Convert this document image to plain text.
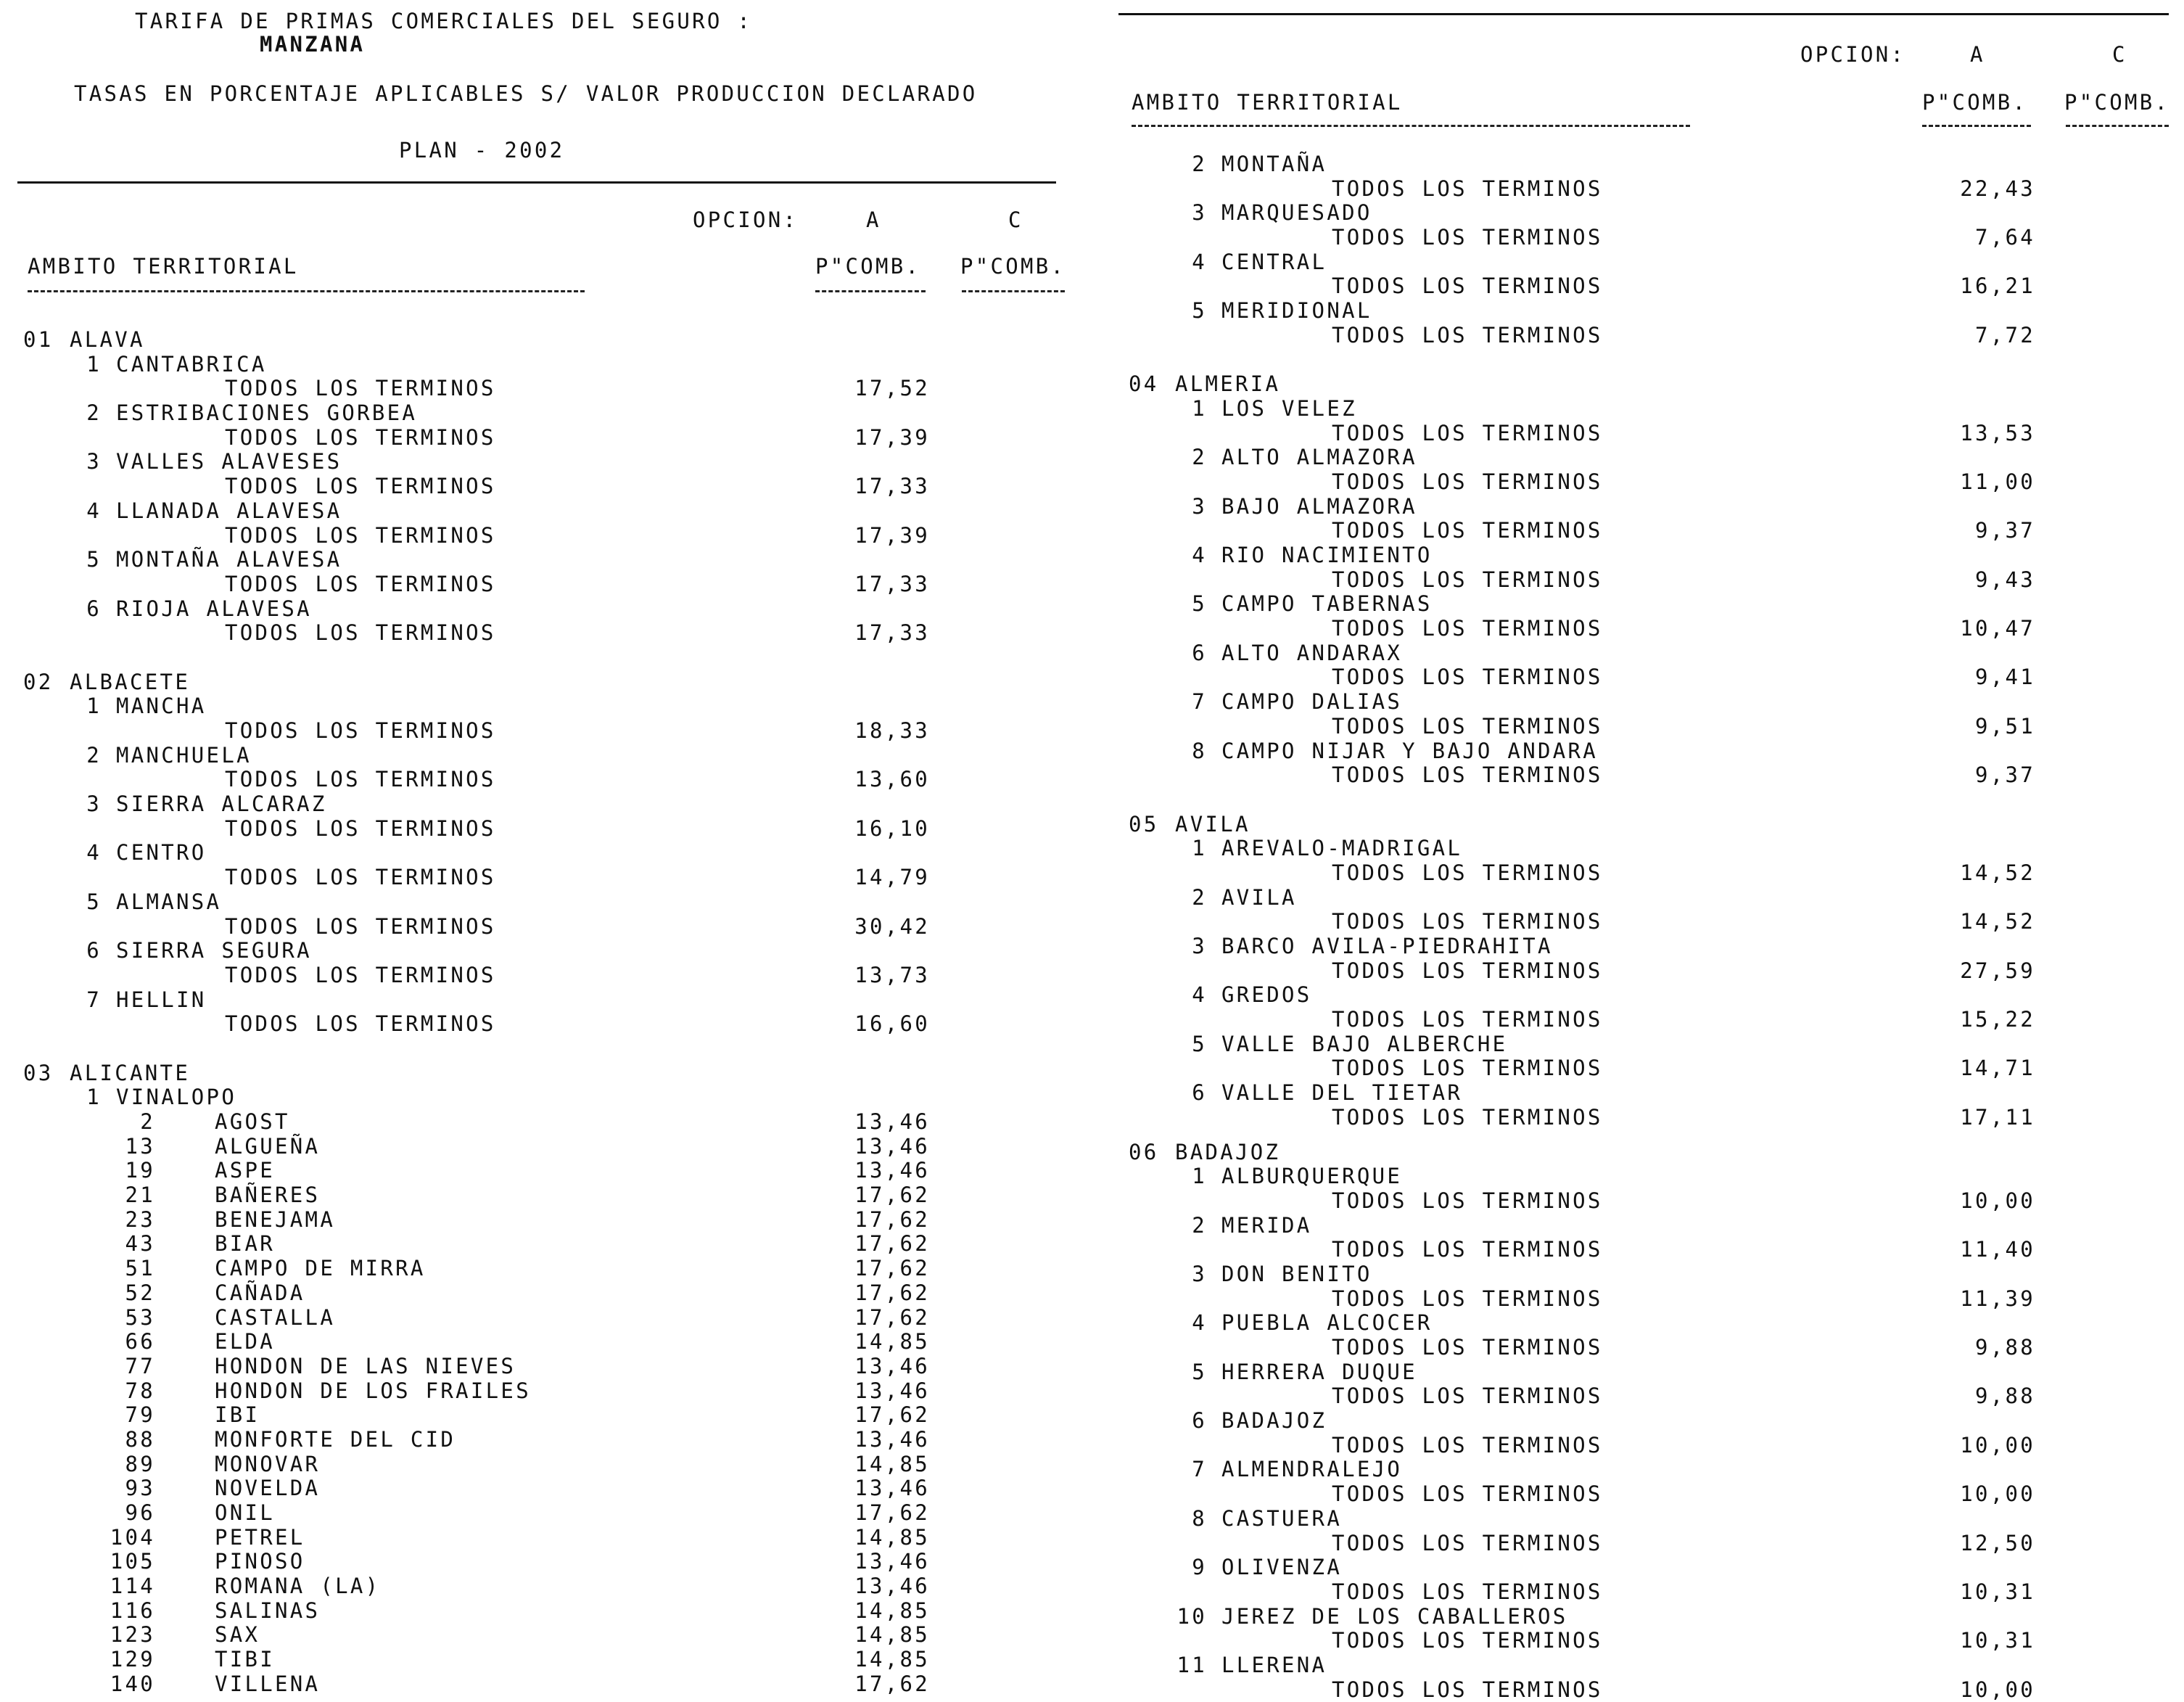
TARIFA DE PRIMAS COMERCIALES DEL SEGURO :
MANZANA
TASAS EN PORCENTAJE APLICABLES S/ VALOR PRODUCCION DECLARADO
PLAN - 2002
OPCION:	A	C
AMBITO TERRITORIAL	P"COMB. P"COMB.
01 ALAVA
1 CANTABRICA
TODOS LOS TERMINOS	17,52
2 ESTRIBACIONES GORBEA
TODOS LOS TERMINOS	17,39
3 VALLES ALAVESES
TODOS LOS TERMINOS	17,33
4 LLANADA ALAVESA
TODOS LOS TERMINOS	17,39
5 MONTAÑA ALAVESA
TODOS LOS TERMINOS	17,33
6 RIOJA ALAVESA
TODOS LOS TERMINOS	17,33
02 ALBACETE
1 MANCHA
TODOS LOS TERMINOS	18,33
2 MANCHUELA
TODOS LOS TERMINOS	13,60
3 SIERRA ALCARAZ
TODOS LOS TERMINOS	16,10
4 CENTRO
TODOS LOS TERMINOS	14,79
5 ALMANSA
TODOS LOS TERMINOS	30,42
6 SIERRA SEGURA
TODOS LOS TERMINOS	13,73
7 HELLIN
TODOS LOS TERMINOS	16,60
03 ALICANTE
1 VINALOPO
2	AGOST	13,46
13	ALGUEÑA	13,46
19	ASPE	13,46
21	BAÑERES	17,62
23	BENEJAMA	17,62
43	BIAR	17,62
51	CAMPO DE MIRRA	17,62
52	CAÑADA	17,62
53	CASTALLA	17,62
66	ELDA	14,85
77	HONDON DE LAS NIEVES	13,46
78	HONDON DE LOS FRAILES	13,46
79	IBI	17,62
88	MONFORTE DEL CID	13,46
89	MONOVAR	14,85
93	NOVELDA	13,46
96	ONIL	17,62
104	PETREL	14,85
105	PINOSO	13,46
114	ROMANA (LA)	13,46
116	SALINAS	14,85
123	SAX	14,85
129	TIBI	14,85
140	VILLENA	17,62
OPCION:	A	C
AMBITO TERRITORIAL	P"COMB. P"COMB.
2 MONTAÑA
TODOS LOS TERMINOS	22,43
3 MARQUESADO
TODOS LOS TERMINOS	7,64
4 CENTRAL
TODOS LOS TERMINOS	16,21
5 MERIDIONAL
TODOS LOS TERMINOS	7,72
04 ALMERIA
1 LOS VELEZ
TODOS LOS TERMINOS	13,53
2 ALTO ALMAZORA
TODOS LOS TERMINOS	11,00
3 BAJO ALMAZORA
TODOS LOS TERMINOS	9,37
4 RIO NACIMIENTO
TODOS LOS TERMINOS	9,43
5 CAMPO TABERNAS
TODOS LOS TERMINOS	10,47
6 ALTO ANDARAX
TODOS LOS TERMINOS	9,41
7 CAMPO DALIAS
TODOS LOS TERMINOS	9,51
8 CAMPO NIJAR Y BAJO ANDARA
TODOS LOS TERMINOS	9,37
05 AVILA
1 AREVALO-MADRIGAL
TODOS LOS TERMINOS	14,52
2 AVILA
TODOS LOS TERMINOS	14,52
3 BARCO AVILA-PIEDRAHITA
TODOS LOS TERMINOS	27,59
4 GREDOS
TODOS LOS TERMINOS	15,22
5 VALLE BAJO ALBERCHE
TODOS LOS TERMINOS	14,71
6 VALLE DEL TIETAR
TODOS LOS TERMINOS	17,11
06 BADAJOZ
1 ALBURQUERQUE
TODOS LOS TERMINOS	10,00
2 MERIDA
TODOS LOS TERMINOS	11,40
3 DON BENITO
TODOS LOS TERMINOS	11,39
4 PUEBLA ALCOCER
TODOS LOS TERMINOS	9,88
5 HERRERA DUQUE
TODOS LOS TERMINOS	9,88
6 BADAJOZ
TODOS LOS TERMINOS	10,00
7 ALMENDRALEJO
TODOS LOS TERMINOS	10,00
8 CASTUERA
TODOS LOS TERMINOS	12,50
9 OLIVENZA
TODOS LOS TERMINOS	10,31
10 JEREZ DE LOS CABALLEROS
TODOS LOS TERMINOS	10,31
11 LLERENA
TODOS LOS TERMINOS	10,00
